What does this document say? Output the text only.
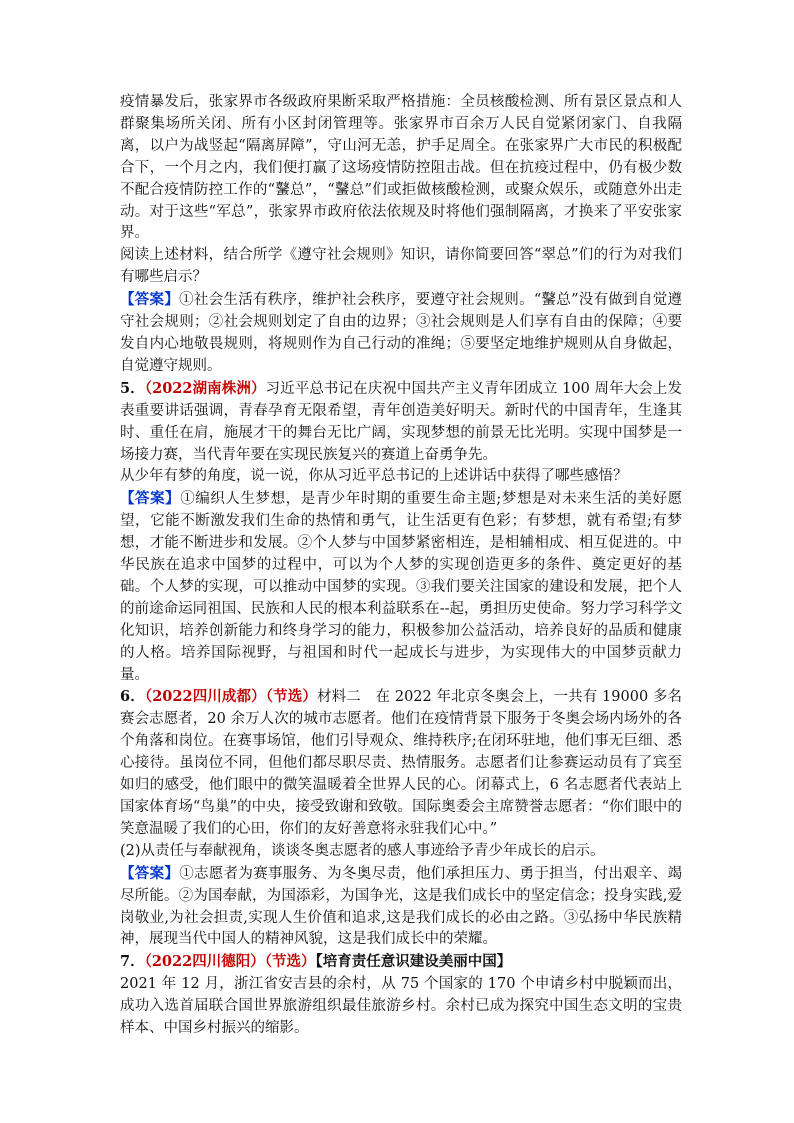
疫情暴发后，张家界市各级政府果断采取严格措施：全员核酸检测、所有景区景点和人群聚集场所关闭、所有小区封闭管理等。张家界市百余万人民自觉紧闭家门、自我隔离，以户为战竖起“隔离屏障”，守山河无恙，护手足周全。在张家界广大市民的积极配合下，一个月之内，我们便打赢了这场疫情防控阻击战。但在抗疫过程中，仍有极少数不配合疫情防控工作的“鼜总”，“鼜总”们或拒做核酸检测，或聚众娱乐，或随意外出走动。对于这些“军总”，张家界市政府依法依规及时将他们强制隔离，才换来了平安张家界。

阅读上述材料，结合所学《遵守社会规则》知识，请你简要回答“翠总”们的行为对我们有哪些启示？

【答案】①社会生活有秩序，维护社会秩序，要遵守社会规则。“鼜总”没有做到自觉遵守社会规则；②社会规则划定了自由的边界；③社会规则是人们享有自由的保障；④要发自内心地敬畏规则，将规则作为自己行动的准绳；⑤要坚定地维护规则从自身做起，自觉遵守规则。

5．（2022湖南株洲）习近平总书记在庆祝中国共产主义青年团成立 100 周年大会上发表重要讲话强调，青春孕育无限希望，青年创造美好明天。新时代的中国青年，生逢其时、重任在肩，施展才干的舞台无比广阔，实现梦想的前景无比光明。实现中国梦是一场接力赛，当代青年要在实现民族复兴的赛道上奋勇争先。

从少年有梦的角度，说一说，你从习近平总书记的上述讲话中获得了哪些感悟？

【答案】①编织人生梦想，是青少年时期的重要生命主题;梦想是对未来生活的美好愿望，它能不断激发我们生命的热情和勇气，让生活更有色彩；有梦想，就有希望;有梦想，才能不断进步和发展。②个人梦与中国梦紧密相连，是相辅相成、相互促进的。中华民族在追求中国梦的过程中，可以为个人梦的实现创造更多的条件、奠定更好的基础。个人梦的实现，可以推动中国梦的实现。③我们要关注国家的建设和发展，把个人的前途命运同祖国、民族和人民的根本利益联系在--起，勇担历史使命。努力学习科学文化知识，培养创新能力和终身学习的能力，积极参加公益活动，培养良好的品质和健康的人格。培养国际视野，与祖国和时代一起成长与进步，为实现伟大的中国梦贡献力量。

6．（2022四川成都）（节选）材料二　在 2022 年北京冬奥会上，一共有 19000 多名赛会志愿者，20 余万人次的城市志愿者。他们在疫情背景下服务于冬奥会场内场外的各个角落和岗位。在赛事场馆，他们引导观众、维持秩序;在闭环驻地，他们事无巨细、悉心接待。虽岗位不同，但他们都尽职尽责、热情服务。志愿者们让参赛运动员有了宾至如归的感受，他们眼中的微笑温暖着全世界人民的心。闭幕式上，6 名志愿者代表站上国家体育场“鸟巢”的中央，接受致谢和致敬。国际奥委会主席赞誉志愿者：“你们眼中的笑意温暖了我们的心田，你们的友好善意将永驻我们心中。”

(2)从责任与奉献视角，谈谈冬奥志愿者的感人事迹给予青少年成长的启示。

【答案】①志愿者为赛事服务、为冬奥尽责，他们承担压力、勇于担当，付出艰辛、竭尽所能。②为国奉献，为国添彩，为国争光，这是我们成长中的坚定信念；投身实践,爱岗敬业,为社会担责,实现人生价值和追求,这是我们成长的必由之路。③弘扬中华民族精神，展现当代中国人的精神风貌，这是我们成长中的荣耀。

7．（2022四川德阳）（节选）【培育责任意识建设美丽中国】

2021 年 12 月，浙江省安吉县的余村，从 75 个国家的 170 个申请乡村中脱颖而出，成功入选首届联合国世界旅游组织最佳旅游乡村。余村已成为探究中国生态文明的宝贵样本、中国乡村振兴的缩影。
